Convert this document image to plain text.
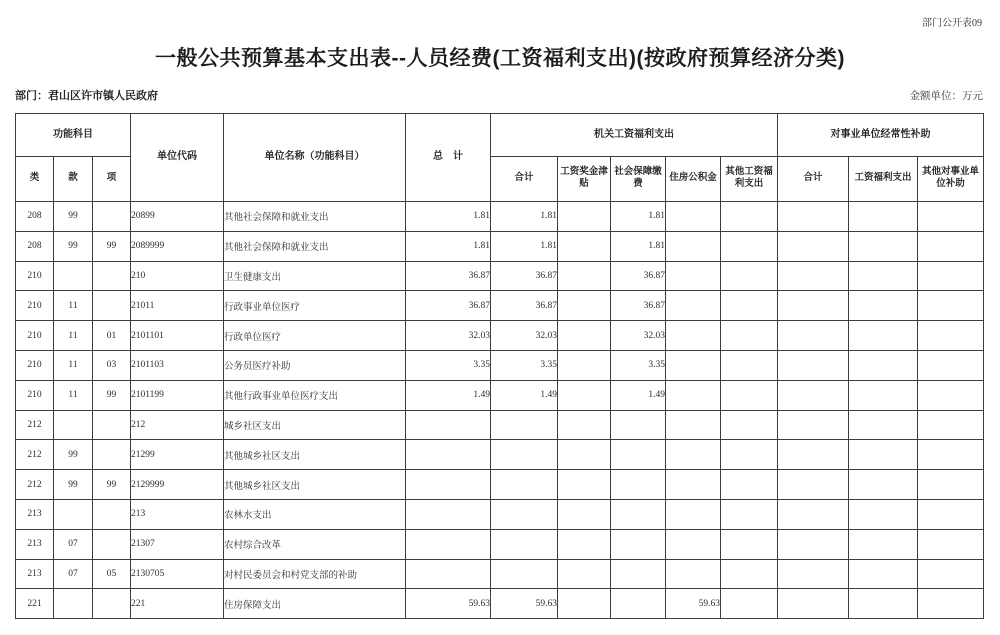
部门公开表09
一般公共预算基本支出表--人员经费(工资福利支出)(按政府预算经济分类)
部门：君山区许市镇人民政府	金额单位：万元
功能科目			单位代码	单位名称（功能科目）	总　计	机关工资福利支出					对事业单位经常性补助		
类	款	项				合计	工资奖金津贴	社会保障缴费	住房公积金	其他工资福利支出	合计	工资福利支出	其他对事业单位补助
208	99		20899	其他社会保障和就业支出	1.81	1.81		1.81					
208	99	99	2089999	其他社会保障和就业支出	1.81	1.81		1.81					
210			210	卫生健康支出	36.87	36.87		36.87					
210	11		21011	行政事业单位医疗	36.87	36.87		36.87					
210	11	01	2101101	行政单位医疗	32.03	32.03		32.03					
210	11	03	2101103	公务员医疗补助	3.35	3.35		3.35					
210	11	99	2101199	其他行政事业单位医疗支出	1.49	1.49		1.49					
212			212	城乡社区支出									
212	99		21299	其他城乡社区支出									
212	99	99	2129999	其他城乡社区支出									
213			213	农林水支出									
213	07		21307	农村综合改革									
213	07	05	2130705	对村民委员会和村党支部的补助									
221			221	住房保障支出	59.63	59.63			59.63				
